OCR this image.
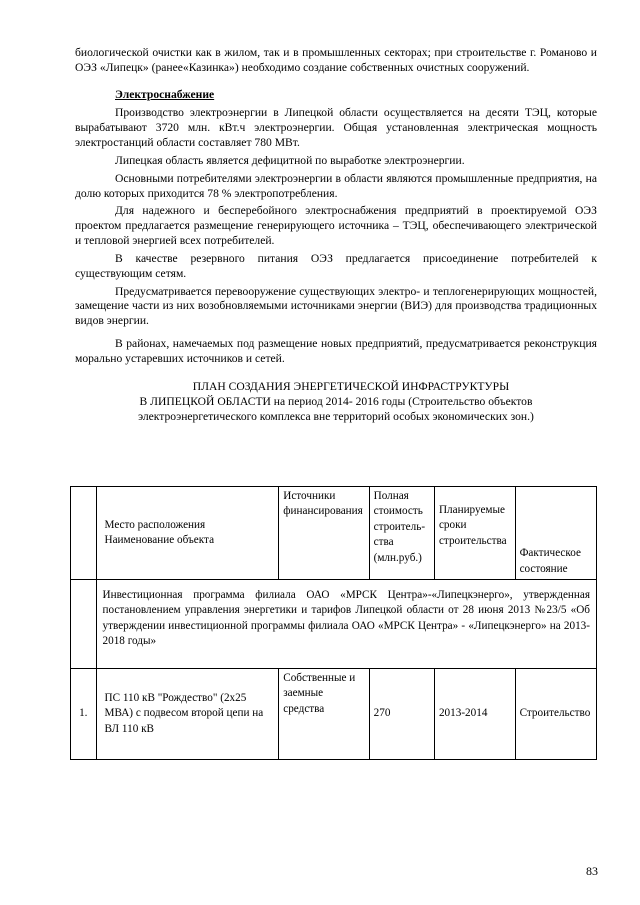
биологической очистки как в жилом, так и в промышленных секторах; при строительстве г. Романово и ОЭЗ «Липецк» (ранее«Казинка») необходимо создание собственных очистных сооружений.

Электроснабжение

Производство электроэнергии в Липецкой области осуществляется на десяти ТЭЦ, которые вырабатывают 3720 млн. кВт.ч электроэнергии. Общая установленная электрическая мощность электростанций области составляет 780 МВт.

Липецкая область является дефицитной по выработке электроэнергии.

Основными потребителями электроэнергии в области являются промышленные предприятия, на долю которых приходится 78 % электропотребления.

Для надежного и бесперебойного электроснабжения предприятий в проектируемой ОЭЗ проектом предлагается размещение генерирующего источника – ТЭЦ, обеспечивающего электрической и тепловой энергией всех потребителей.

В качестве резервного питания ОЭЗ предлагается присоединение потребителей к существующим сетям.

Предусматривается перевооружение существующих электро- и теплогенерирующих мощностей, замещение части из них возобновляемыми источниками энергии (ВИЭ) для производства традиционных видов энергии.

В районах, намечаемых под размещение новых предприятий, предусматривается реконструкция морально устаревших источников и сетей.

ПЛАН СОЗДАНИЯ ЭНЕРГЕТИЧЕСКОЙ ИНФРАСТРУКТУРЫ
В ЛИПЕЦКОЙ ОБЛАСТИ на период 2014- 2016 годы (Строительство объектов
электроэнергетического комплекса вне территорий особых экономических зон.)
	Место расположения Наименование объекта	Источники финансирования	Полная стоимость строитель-ства (млн.руб.)	Планируемые сроки строительства	Фактическое состояние
	Инвестиционная программа филиала ОАО «МРСК Центра»-«Липецкэнерго», утвержденная постановлением управления энергетики и тарифов Липецкой области от 28 июня 2013 №23/5 «Об утверждении инвестиционной программы филиала ОАО «МРСК Центра» - «Липецкэнерго» на 2013-2018 годы»				
1.	ПС 110 кВ "Рождество" (2х25 МВА) с подвесом второй цепи на ВЛ 110 кВ	Собственные и заемные средства	270	2013-2014	Строительство
83
